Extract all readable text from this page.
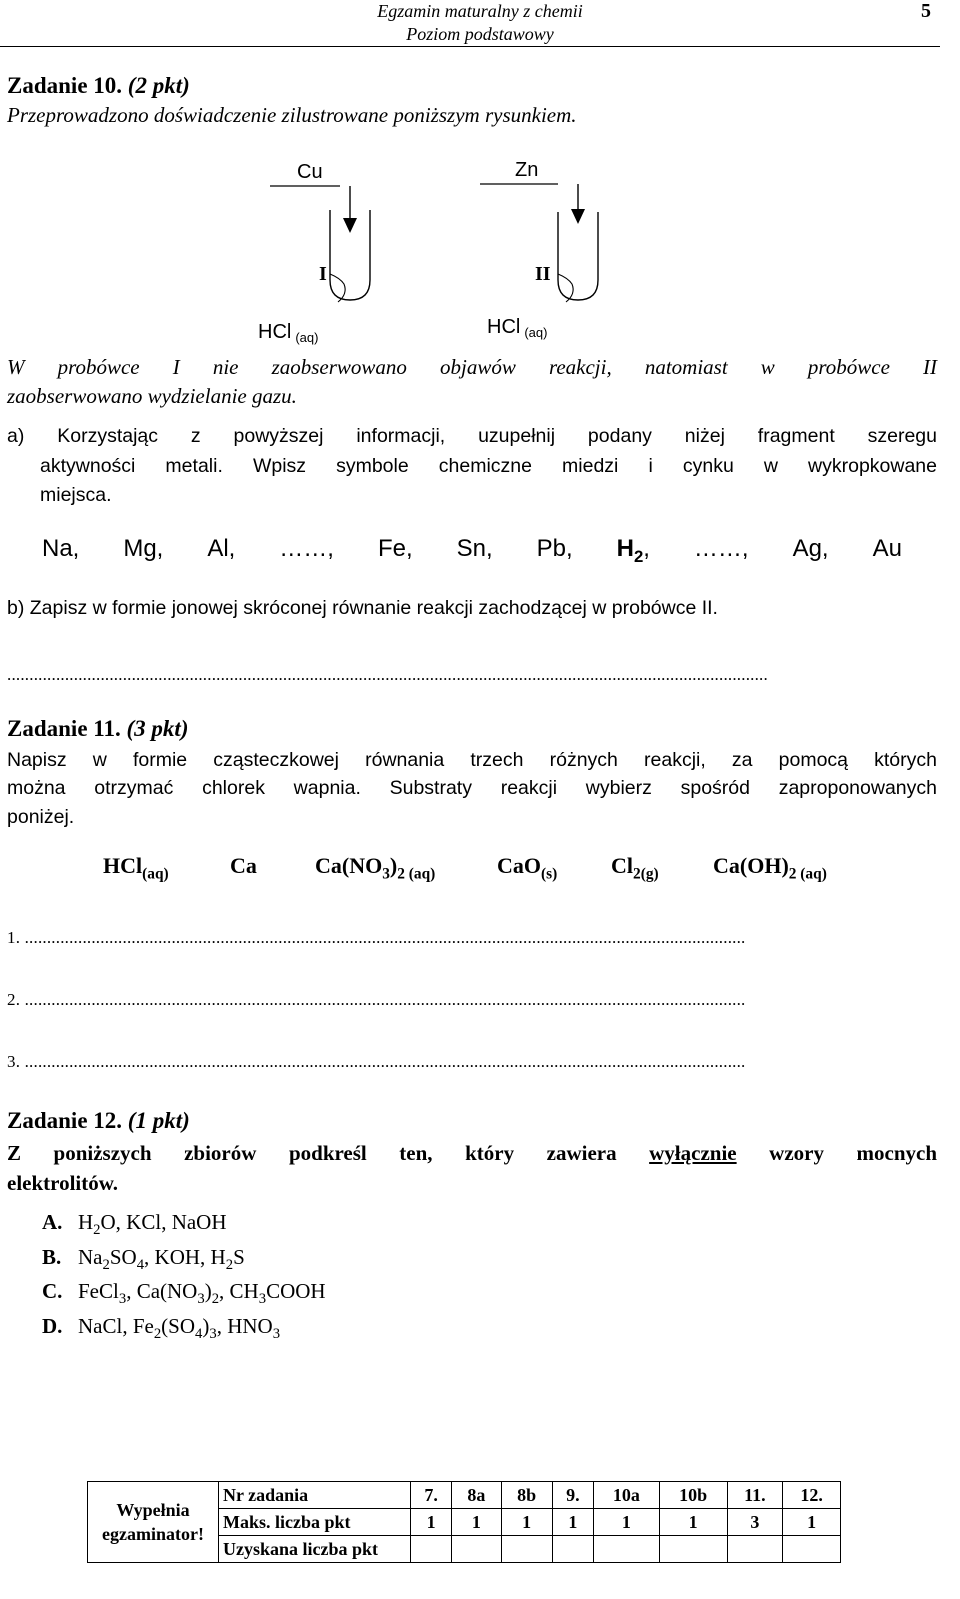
Egzamin maturalny z chemii
Poziom podstawowy
5
Zadanie 10. (2 pkt)
Przeprowadzono doświadczenie zilustrowane poniższym rysunkiem.
Cu
I
Zn
II
HCl $_{(aq)}$	HCl $_{(aq)}$
W probówce I nie zaobserwowano objawów reakcji, natomiast w probówce II
zaobserwowano wydzielanie gazu.
a) Korzystając z powyższej informacji, uzupełnij podany niżej fragment szeregu
aktywności metali. Wpisz symbole chemiczne miedzi i cynku w wykropkowane
miejsca.
Na, Mg, Al, ……, Fe, Sn, Pb, $H_2$, ……, Ag, Au
b) Zapisz w formie jonowej skróconej równanie reakcji zachodzącej w probówce II.
...........................................................................................................................................................................
Zadanie 11. (3 pkt)
Napisz w formie cząsteczkowej równania trzech różnych reakcji, za pomocą których
można otrzymać chlorek wapnia. Substraty reakcji wybierz spośród zaproponowanych
poniżej.
HCl$_{(aq)}$	Ca	$Ca(NO_3)_{2 (aq)}$	CaO$_{(s)}$ $Cl_{2(g)}$ $Ca(OH)_{2 (aq)}$
1. ..................................................................................................................................................................
2. ..................................................................................................................................................................
3. ..................................................................................................................................................................
Zadanie 12. (1 pkt)
Z poniższych zbiorów podkreśl ten, który zawiera wyłącznie wzory mocnych
elektrolitów.
A. $H_2O$, KCl, NaOH
B. $Na_2SO_4$, KOH, $H_2S$
C. FeCl$_3$, $Ca(NO_3)_2$, $CH_3COOH$
D. NaCl, $Fe_2(SO_4)_3$, $HNO_3$
Wypełnia
egzaminator!	Nr zadania	7.	8a	8b	9.	10a	10b	11.	12.
	Maks. liczba pkt	1	1	1	1	1	1	3	1
	Uzyskana liczba pkt								
